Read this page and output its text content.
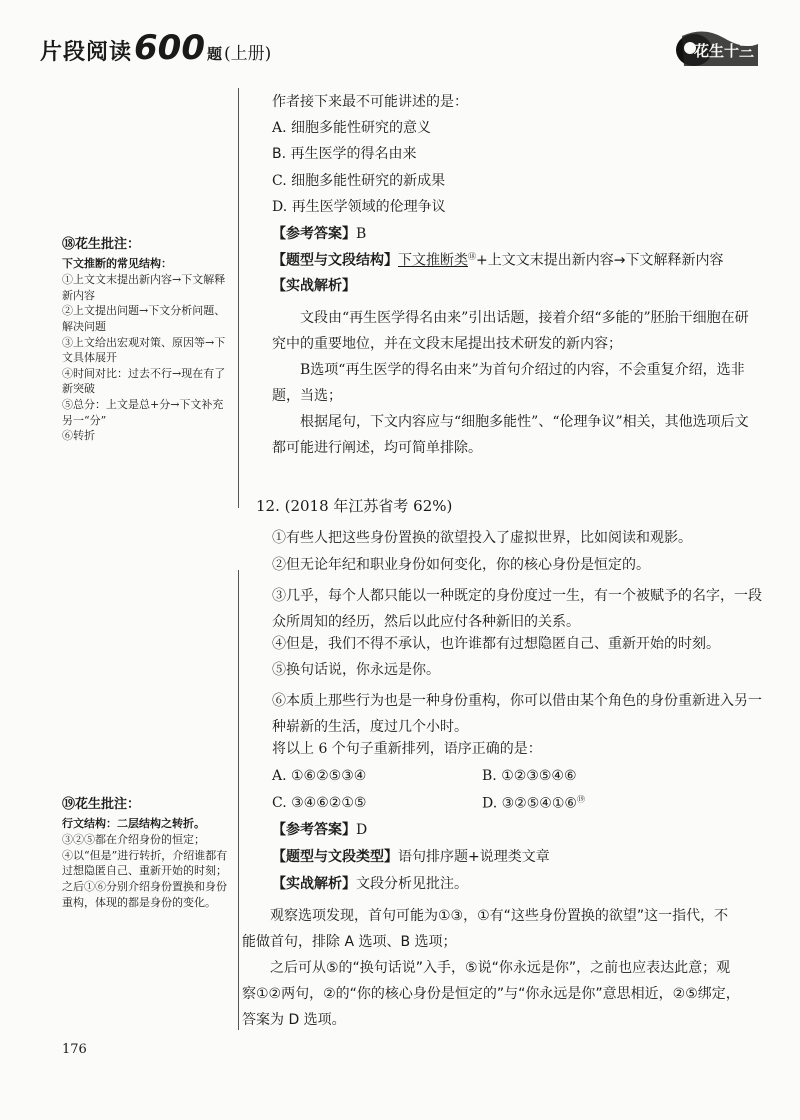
片段阅读 600 题 (上册)	花生十三

作者接下来最不可能讲述的是：

A. 细胞多能性研究的意义

B. 再生医学的得名由来

C. 细胞多能性研究的新成果

D. 再生医学领域的伦理争议

【参考答案】B

【题型与文段结构】下文推断类⑱+上文文末提出新内容→下文解释新内容

【实战解析】

文段由“再生医学得名由来”引出话题，接着介绍“多能的”胚胎干细胞在研究中的重要地位，并在文段末尾提出技术研发的新内容；

B选项“再生医学的得名由来”为首句介绍过的内容，不会重复介绍，选非题，当选；

根据尾句，下文内容应与“细胞多能性”、“伦理争议”相关，其他选项后文都可能进行阐述，均可简单排除。

⑱花生批注：
下文推断的常见结构：
①上文文末提出新内容→下文解释新内容
②上文提出问题→下文分析问题、解决问题
③上文给出宏观对策、原因等→下文具体展开
④时间对比：过去不行→现在有了新突破
⑤总分：上文是总+分→下文补充另一“分”
⑥转折

12. (2018 年江苏省考 62%)

①有些人把这些身份置换的欲望投入了虚拟世界，比如阅读和观影。

②但无论年纪和职业身份如何变化，你的核心身份是恒定的。

③几乎，每个人都只能以一种既定的身份度过一生，有一个被赋予的名字，一段众所周知的经历，然后以此应付各种新旧的关系。

④但是，我们不得不承认，也许谁都有过想隐匿自己、重新开始的时刻。

⑤换句话说，你永远是你。

⑥本质上那些行为也是一种身份重构，你可以借由某个角色的身份重新进入另一种崭新的生活，度过几个小时。

将以上 6 个句子重新排列，语序正确的是：

A. ①⑥②⑤③④	B. ①②③⑤④⑥

C. ③④⑥②①⑤	D. ③②⑤④①⑥⑲

【参考答案】D

【题型与文段类型】语句排序题+说理类文章

【实战解析】文段分析见批注。

观察选项发现，首句可能为①③，①有“这些身份置换的欲望”这一指代，不能做首句，排除 A 选项、B 选项；

之后可从⑤的“换句话说”入手，⑤说“你永远是你”，之前也应表达此意；观察①②两句，②的“你的核心身份是恒定的”与“你永远是你”意思相近，②⑤绑定，答案为 D 选项。

⑲花生批注：
行文结构：二层结构之转折。
③②⑤都在介绍身份的恒定；
④以“但是”进行转折，介绍谁都有过想隐匿自己、重新开始的时刻；之后①⑥分别介绍身份置换和身份重构，体现的都是身份的变化。
176
